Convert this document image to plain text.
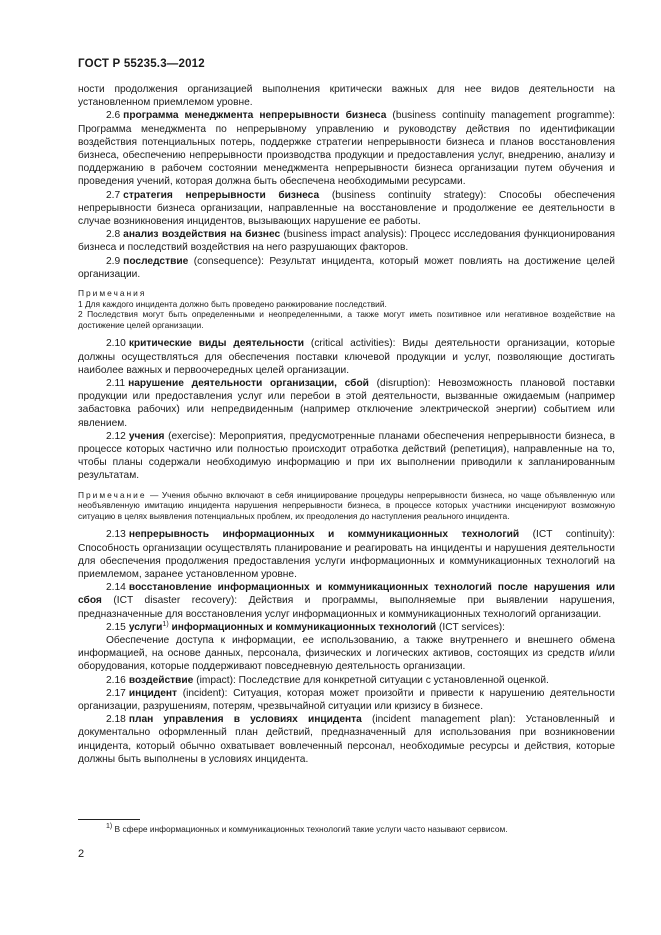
ГОСТ Р 55235.3—2012

ности продолжения организацией выполнения критически важных для нее видов деятельности на установленном приемлемом уровне.

2.6 программа менеджмента непрерывности бизнеса (business continuity management programme): Программа менеджмента по непрерывному управлению и руководству действия по идентификации воздействия потенциальных потерь, поддержке стратегии непрерывности бизнеса и планов восстановления бизнеса, обеспечению непрерывности производства продукции и предоставления услуг, внедрению, анализу и поддержанию в рабочем состоянии менеджмента непрерывности бизнеса организации путем обучения и проведения учений, которая должна быть обеспечена необходимыми ресурсами.

2.7 стратегия непрерывности бизнеса (business continuity strategy): Способы обеспечения непрерывности бизнеса организации, направленные на восстановление и продолжение ее деятельности в случае возникновения инцидентов, вызывающих нарушение ее работы.

2.8 анализ воздействия на бизнес (business impact analysis): Процесс исследования функционирования бизнеса и последствий воздействия на него разрушающих факторов.

2.9 последствие (consequence): Результат инцидента, который может повлиять на достижение целей организации.

Примечания

1 Для каждого инцидента должно быть проведено ранжирование последствий.

2 Последствия могут быть определенными и неопределенными, а также могут иметь позитивное или негативное воздействие на достижение целей организации.

2.10 критические виды деятельности (critical activities): Виды деятельности организации, которые должны осуществляться для обеспечения поставки ключевой продукции и услуг, позволяющие достигать наиболее важных и первоочередных целей организации.

2.11 нарушение деятельности организации, сбой (disruption): Невозможность плановой поставки продукции или предоставления услуг или перебои в этой деятельности, вызванные ожидаемым (например забастовка рабочих) или непредвиденным (например отключение электрической энергии) событием или явлением.

2.12 учения (exercise): Мероприятия, предусмотренные планами обеспечения непрерывности бизнеса, в процессе которых частично или полностью происходит отработка действий (репетиция), направленные на то, чтобы планы содержали необходимую информацию и при их выполнении приводили к запланированным результатам.

Примечание — Учения обычно включают в себя инициирование процедуры непрерывности бизнеса, но чаще объявленную или необъявленную имитацию инцидента нарушения непрерывности бизнеса, в процессе которых участники инсценируют возможную ситуацию в целях выявления потенциальных проблем, их преодоления до наступления реального инцидента.

2.13 непрерывность информационных и коммуникационных технологий (ICT continuity): Способность организации осуществлять планирование и реагировать на инциденты и нарушения деятельности для обеспечения продолжения предоставления услуги информационных и коммуникационных технологий на приемлемом, заранее установленном уровне.

2.14 восстановление информационных и коммуникационных технологий после нарушения или сбоя (ICT disaster recovery): Действия и программы, выполняемые при выявлении нарушения, предназначенные для восстановления услуг информационных и коммуникационных технологий организации.

2.15 услуги$^{1)}$ информационных и коммуникационных технологий (ICT services):

Обеспечение доступа к информации, ее использованию, а также внутреннего и внешнего обмена информацией, на основе данных, персонала, физических и логических активов, состоящих из средств и/или оборудования, которые поддерживают повседневную деятельность организации.

2.16 воздействие (impact): Последствие для конкретной ситуации с установленной оценкой.

2.17 инцидент (incident): Ситуация, которая может произойти и привести к нарушению деятельности организации, разрушениям, потерям, чрезвычайной ситуации или кризису в бизнесе.

2.18 план управления в условиях инцидента (incident management plan): Установленный и документально оформленный план действий, предназначенный для использования при возникновении инцидента, который обычно охватывает вовлеченный персонал, необходимые ресурсы и действия, которые должны быть выполнены в условиях инцидента.

$^{1)}$ В сфере информационных и коммуникационных технологий такие услуги часто называют сервисом.
2
